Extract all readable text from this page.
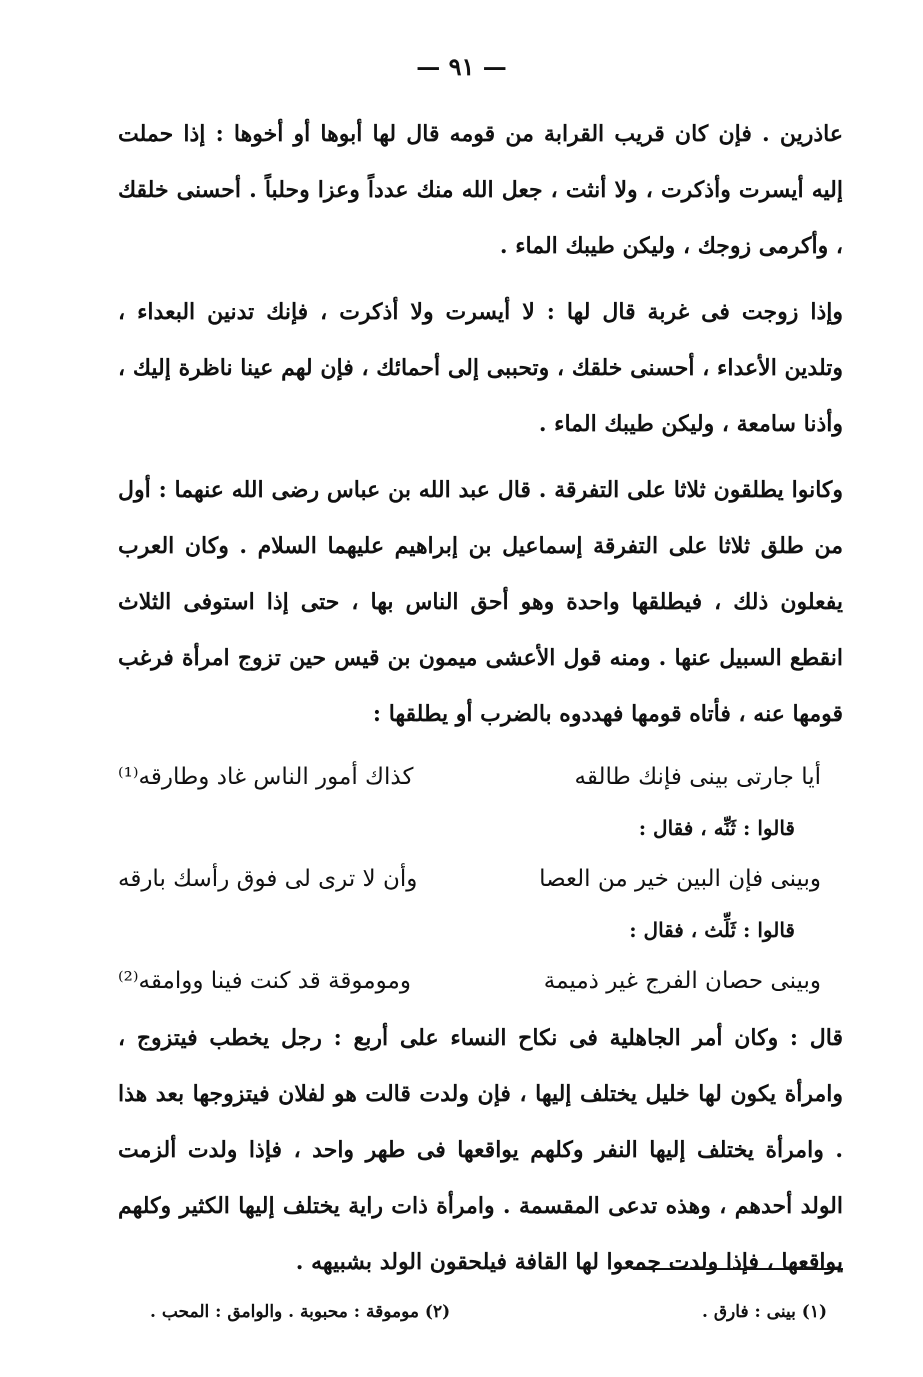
— ٩١ —

عاذرين . فإن كان قريب القرابة من قومه قال لها أبوها أو أخوها : إذا حملت إليه أيسرت وأذكرت ، ولا أنثت ، جعل الله منك عدداً وعزا وحلباً . أحسنى خلقك ، وأكرمى زوجك ، وليكن طيبك الماء .

وإذا زوجت فى غربة قال لها : لا أيسرت ولا أذكرت ، فإنك تدنين البعداء ، وتلدين الأعداء ، أحسنى خلقك ، وتحببى إلى أحمائك ، فإن لهم عينا ناظرة إليك ، وأذنا سامعة ، وليكن طيبك الماء .

وكانوا يطلقون ثلاثا على التفرقة . قال عبد الله بن عباس رضى الله عنهما : أول من طلق ثلاثا على التفرقة إسماعيل بن إبراهيم عليهما السلام . وكان العرب يفعلون ذلك ، فيطلقها واحدة وهو أحق الناس بها ، حتى إذا استوفى الثلاث انقطع السبيل عنها . ومنه قول الأعشى ميمون بن قيس حين تزوج امرأة فرغب قومها عنه ، فأتاه قومها فهددوه بالضرب أو يطلقها :

أيا جارتى بينى فإنك طالقه
كذاك أمور الناس غاد وطارقه⁽¹⁾
قالوا : ثَنِّه ، فقال :
وبينى فإن البين خير من العصا
وأن لا ترى لى فوق رأسك بارقه
قالوا : ثَلِّث ، فقال :
وبينى حصان الفرج غير ذميمة
وموموقة قد كنت فينا ووامقه⁽²⁾

قال : وكان أمر الجاهلية فى نكاح النساء على أربع : رجل يخطب فيتزوج ، وامرأة يكون لها خليل يختلف إليها ، فإن ولدت قالت هو لفلان فيتزوجها بعد هذا . وامرأة يختلف إليها النفر وكلهم يواقعها فى طهر واحد ، فإذا ولدت ألزمت الولد أحدهم ، وهذه تدعى المقسمة . وامرأة ذات راية يختلف إليها الكثير وكلهم يواقعها ، فإذا ولدت جمعوا لها القافة فيلحقون الولد بشبيهه .

(١) بينى : فارق .
(٢) موموقة : محبوبة . والوامق : المحب .
